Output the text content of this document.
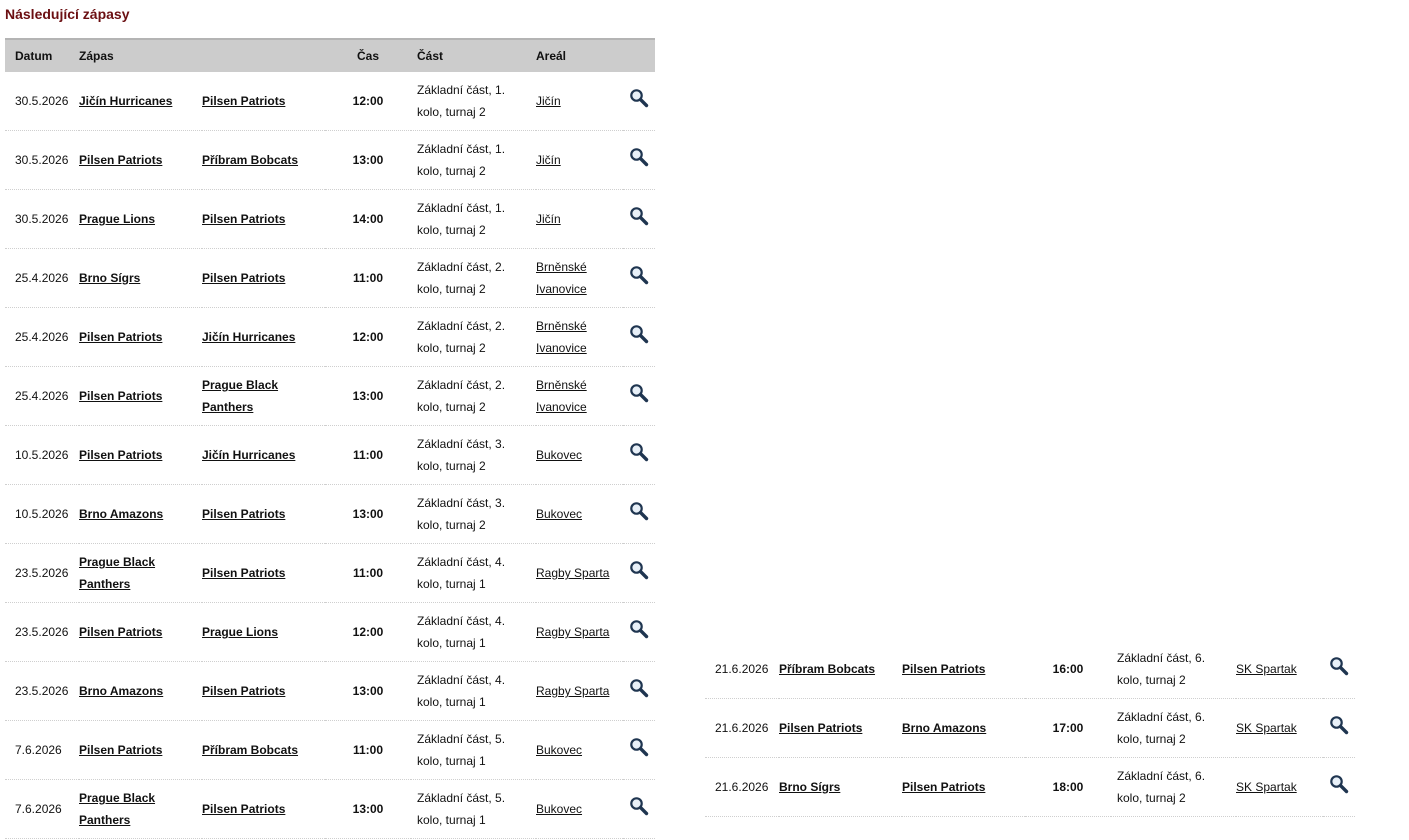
Následující zápasy
Datum	Zápas		Čas	Část	Areál	
30.5.2026	Jičín Hurricanes	Pilsen Patriots	12:00	Základní část, 1. kolo, turnaj 2	Jičín	
30.5.2026	Pilsen Patriots	Příbram Bobcats	13:00	Základní část, 1. kolo, turnaj 2	Jičín	
30.5.2026	Prague Lions	Pilsen Patriots	14:00	Základní část, 1. kolo, turnaj 2	Jičín	
25.4.2026	Brno Sígrs	Pilsen Patriots	11:00	Základní část, 2. kolo, turnaj 2	Brněnské Ivanovice	
25.4.2026	Pilsen Patriots	Jičín Hurricanes	12:00	Základní část, 2. kolo, turnaj 2	Brněnské Ivanovice	
25.4.2026	Pilsen Patriots	Prague Black Panthers	13:00	Základní část, 2. kolo, turnaj 2	Brněnské Ivanovice	
10.5.2026	Pilsen Patriots	Jičín Hurricanes	11:00	Základní část, 3. kolo, turnaj 2	Bukovec	
10.5.2026	Brno Amazons	Pilsen Patriots	13:00	Základní část, 3. kolo, turnaj 2	Bukovec	
23.5.2026	Prague Black Panthers	Pilsen Patriots	11:00	Základní část, 4. kolo, turnaj 1	Ragby Sparta	
23.5.2026	Pilsen Patriots	Prague Lions	12:00	Základní část, 4. kolo, turnaj 1	Ragby Sparta	
23.5.2026	Brno Amazons	Pilsen Patriots	13:00	Základní část, 4. kolo, turnaj 1	Ragby Sparta	
7.6.2026	Pilsen Patriots	Příbram Bobcats	11:00	Základní část, 5. kolo, turnaj 1	Bukovec	
7.6.2026	Prague Black Panthers	Pilsen Patriots	13:00	Základní část, 5. kolo, turnaj 1	Bukovec	
21.6.2026	Příbram Bobcats	Pilsen Patriots	16:00	Základní část, 6. kolo, turnaj 2	SK Spartak	
21.6.2026	Pilsen Patriots	Brno Amazons	17:00	Základní část, 6. kolo, turnaj 2	SK Spartak	
21.6.2026	Brno Sígrs	Pilsen Patriots	18:00	Základní část, 6. kolo, turnaj 2	SK Spartak	
